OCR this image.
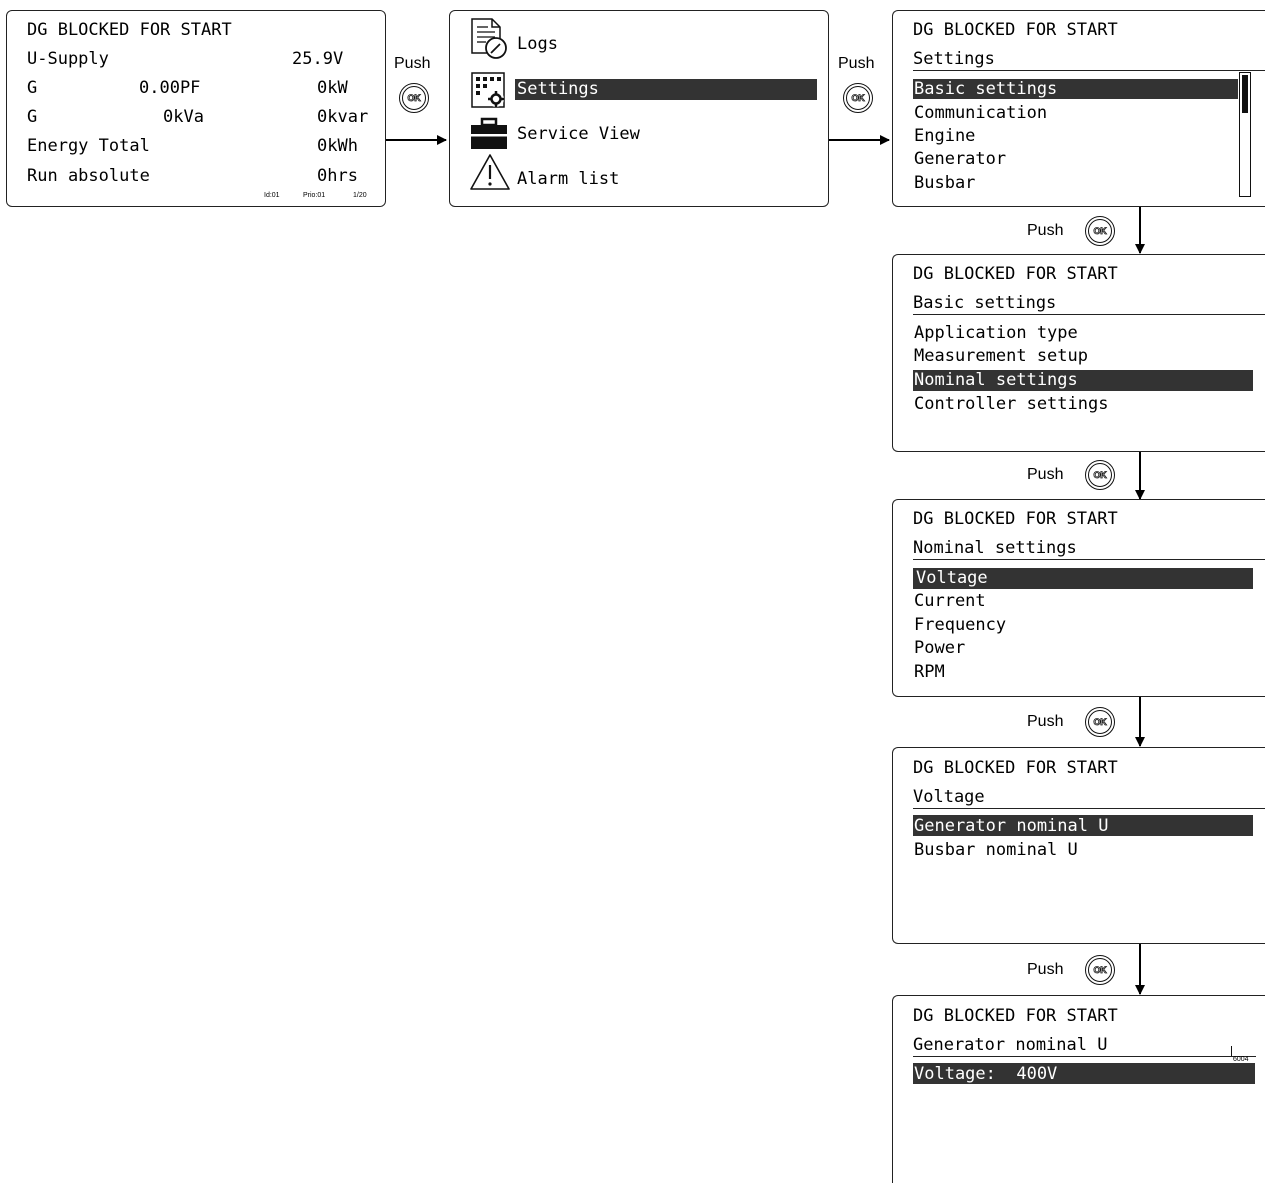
Push
OK
Push
OK
Push	OK
Push	OK
Push	OK
Push	OK
DG BLOCKED FOR START
U-Supply	25.9V
G	0.00PF	0kW
G	0kVa	0kvar
Energy Total	0kWh
Run absolute	0hrs
Id:01	Prio:01	1/20
Logs
Settings
Service View
Alarm list
DG BLOCKED FOR START
Settings
Basic settings
Communication
Engine
Generator
Busbar
DG BLOCKED FOR START
Basic settings
Application type
Measurement setup
Nominal settings
Controller settings
DG BLOCKED FOR START
Nominal settings
Voltage
Current
Frequency
Power
RPM
DG BLOCKED FOR START
Voltage
Generator nominal U
Busbar nominal U
DG BLOCKED FOR START
Generator nominal U
6004
Voltage:  400V
